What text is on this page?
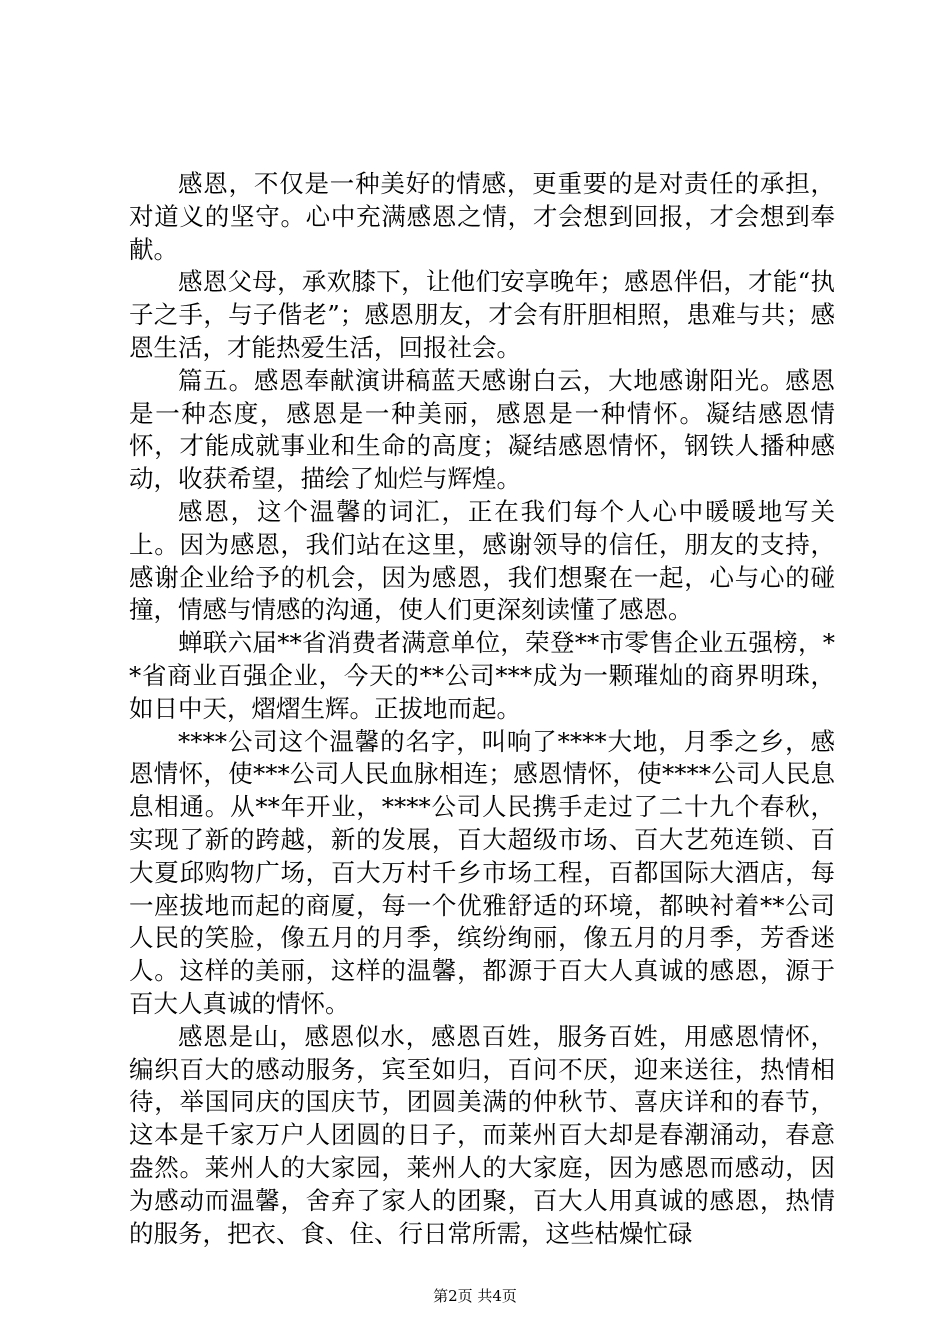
感恩，不仅是一种美好的情感，更重要的是对责任的承担，对道义的坚守。心中充满感恩之情，才会想到回报，才会想到奉献。

感恩父母，承欢膝下，让他们安享晚年；感恩伴侣，才能“执子之手，与子偕老”；感恩朋友，才会有肝胆相照，患难与共；感恩生活，才能热爱生活，回报社会。

篇五。感恩奉献演讲稿蓝天感谢白云，大地感谢阳光。感恩是一种态度，感恩是一种美丽，感恩是一种情怀。凝结感恩情怀，才能成就事业和生命的高度；凝结感恩情怀，钢铁人播种感动，收获希望，描绘了灿烂与辉煌。

感恩，这个温馨的词汇，正在我们每个人心中暖暖地写关上。因为感恩，我们站在这里，感谢领导的信任，朋友的支持，感谢企业给予的机会，因为感恩，我们想聚在一起，心与心的碰撞，情感与情感的沟通，使人们更深刻读懂了感恩。

蝉联六届**省消费者满意单位，荣登**市零售企业五强榜，**省商业百强企业，今天的**公司***成为一颗璀灿的商界明珠，如日中天，熠熠生辉。正拔地而起。

****公司这个温馨的名字，叫响了****大地，月季之乡，感恩情怀，使***公司人民血脉相连；感恩情怀，使****公司人民息息相通。从**年开业，****公司人民携手走过了二十九个春秋，实现了新的跨越，新的发展，百大超级市场、百大艺苑连锁、百大夏邱购物广场，百大万村千乡市场工程，百都国际大酒店，每一座拔地而起的商厦，每一个优雅舒适的环境，都映衬着**公司人民的笑脸，像五月的月季，缤纷绚丽，像五月的月季，芳香迷人。这样的美丽，这样的温馨，都源于百大人真诚的感恩，源于百大人真诚的情怀。

感恩是山，感恩似水，感恩百姓，服务百姓，用感恩情怀，编织百大的感动服务，宾至如归，百问不厌，迎来送往，热情相待，举国同庆的国庆节，团圆美满的仲秋节、喜庆详和的春节，这本是千家万户人团圆的日子，而莱州百大却是春潮涌动，春意盎然。莱州人的大家园，莱州人的大家庭，因为感恩而感动，因为感动而温馨，舍弃了家人的团聚，百大人用真诚的感恩，热情的服务，把衣、食、住、行日常所需，这些枯燥忙碌

第2页 共4页
